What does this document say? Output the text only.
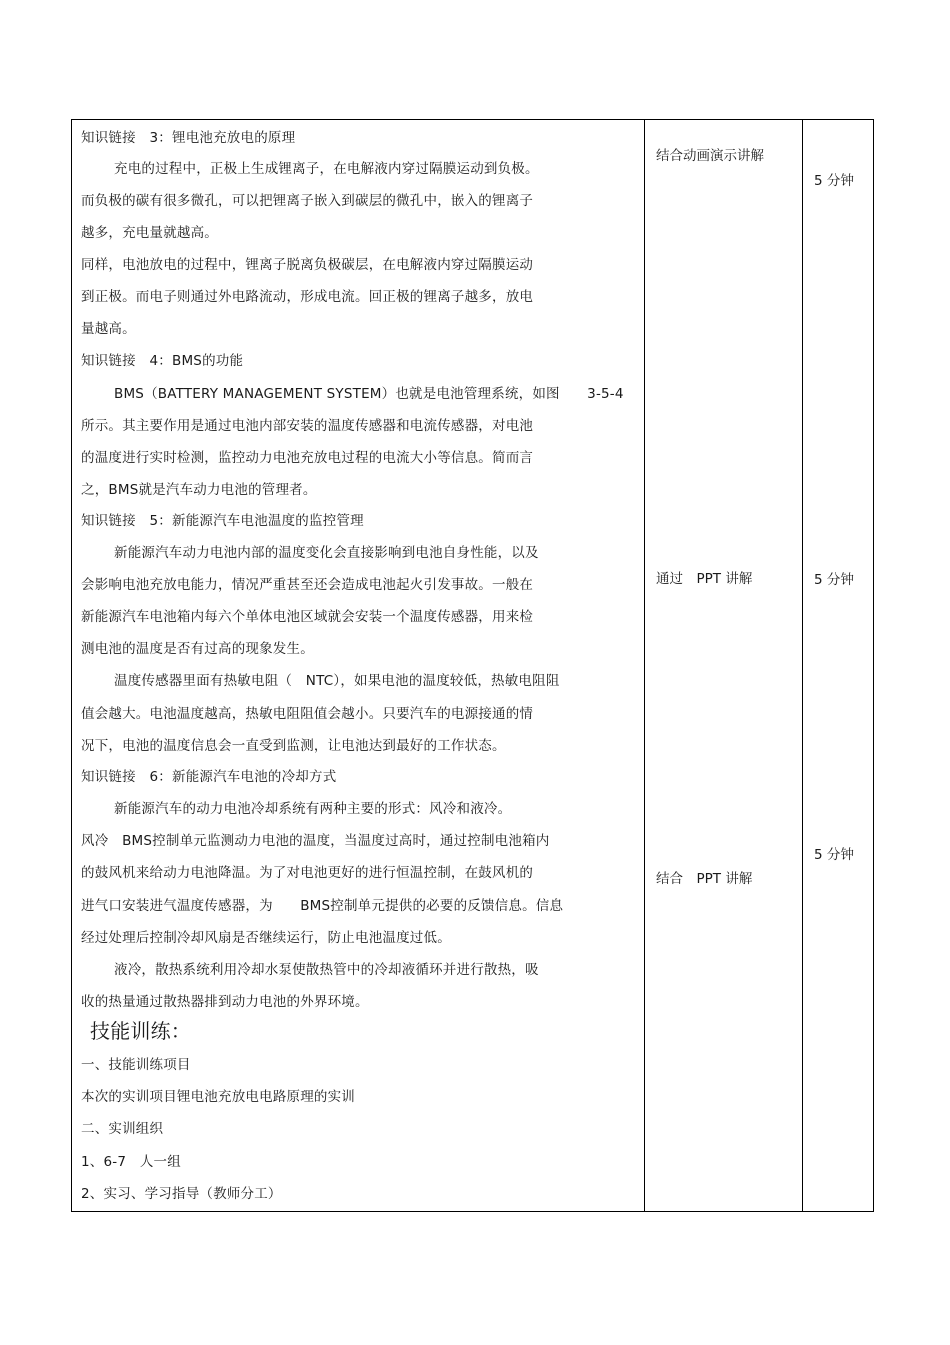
知识链接　3：锂电池充放电的原理
充电的过程中，正极上生成锂离子，在电解液内穿过隔膜运动到负极。
而负极的碳有很多微孔，可以把锂离子嵌入到碳层的微孔中，嵌入的锂离子
越多，充电量就越高。
同样，电池放电的过程中，锂离子脱离负极碳层，在电解液内穿过隔膜运动
到正极。而电子则通过外电路流动，形成电流。回正极的锂离子越多，放电
量越高。
知识链接　4：BMS的功能
BMS（BATTERY MANAGEMENT SYSTEM）也就是电池管理系统，如图　　3-5-4
所示。其主要作用是通过电池内部安装的温度传感器和电流传感器，对电池
的温度进行实时检测，监控动力电池充放电过程的电流大小等信息。简而言
之，BMS就是汽车动力电池的管理者。
知识链接　5：新能源汽车电池温度的监控管理
新能源汽车动力电池内部的温度变化会直接影响到电池自身性能，以及
会影响电池充放电能力，情况严重甚至还会造成电池起火引发事故。一般在
新能源汽车电池箱内每六个单体电池区域就会安装一个温度传感器，用来检
测电池的温度是否有过高的现象发生。
温度传感器里面有热敏电阻（　NTC），如果电池的温度较低，热敏电阻阻
值会越大。电池温度越高，热敏电阻阻值会越小。只要汽车的电源接通的情
况下，电池的温度信息会一直受到监测，让电池达到最好的工作状态。
知识链接　6：新能源汽车电池的冷却方式
新能源汽车的动力电池冷却系统有两种主要的形式：风冷和液冷。
风冷　BMS控制单元监测动力电池的温度，当温度过高时，通过控制电池箱内
的鼓风机来给动力电池降温。为了对电池更好的进行恒温控制，在鼓风机的
进气口安装进气温度传感器，为　　BMS控制单元提供的必要的反馈信息。信息
经过处理后控制冷却风扇是否继续运行，防止电池温度过低。
液冷，散热系统利用冷却水泵使散热管中的冷却液循环并进行散热，吸
收的热量通过散热器排到动力电池的外界环境。
技能训练：
一、技能训练项目
本次的实训项目锂电池充放电电路原理的实训
二、实训组织
1、6-7　人一组
2、实习、学习指导（教师分工）
结合动画演示讲解
通过　PPT 讲解
结合　PPT 讲解
5 分钟
5 分钟
5 分钟
